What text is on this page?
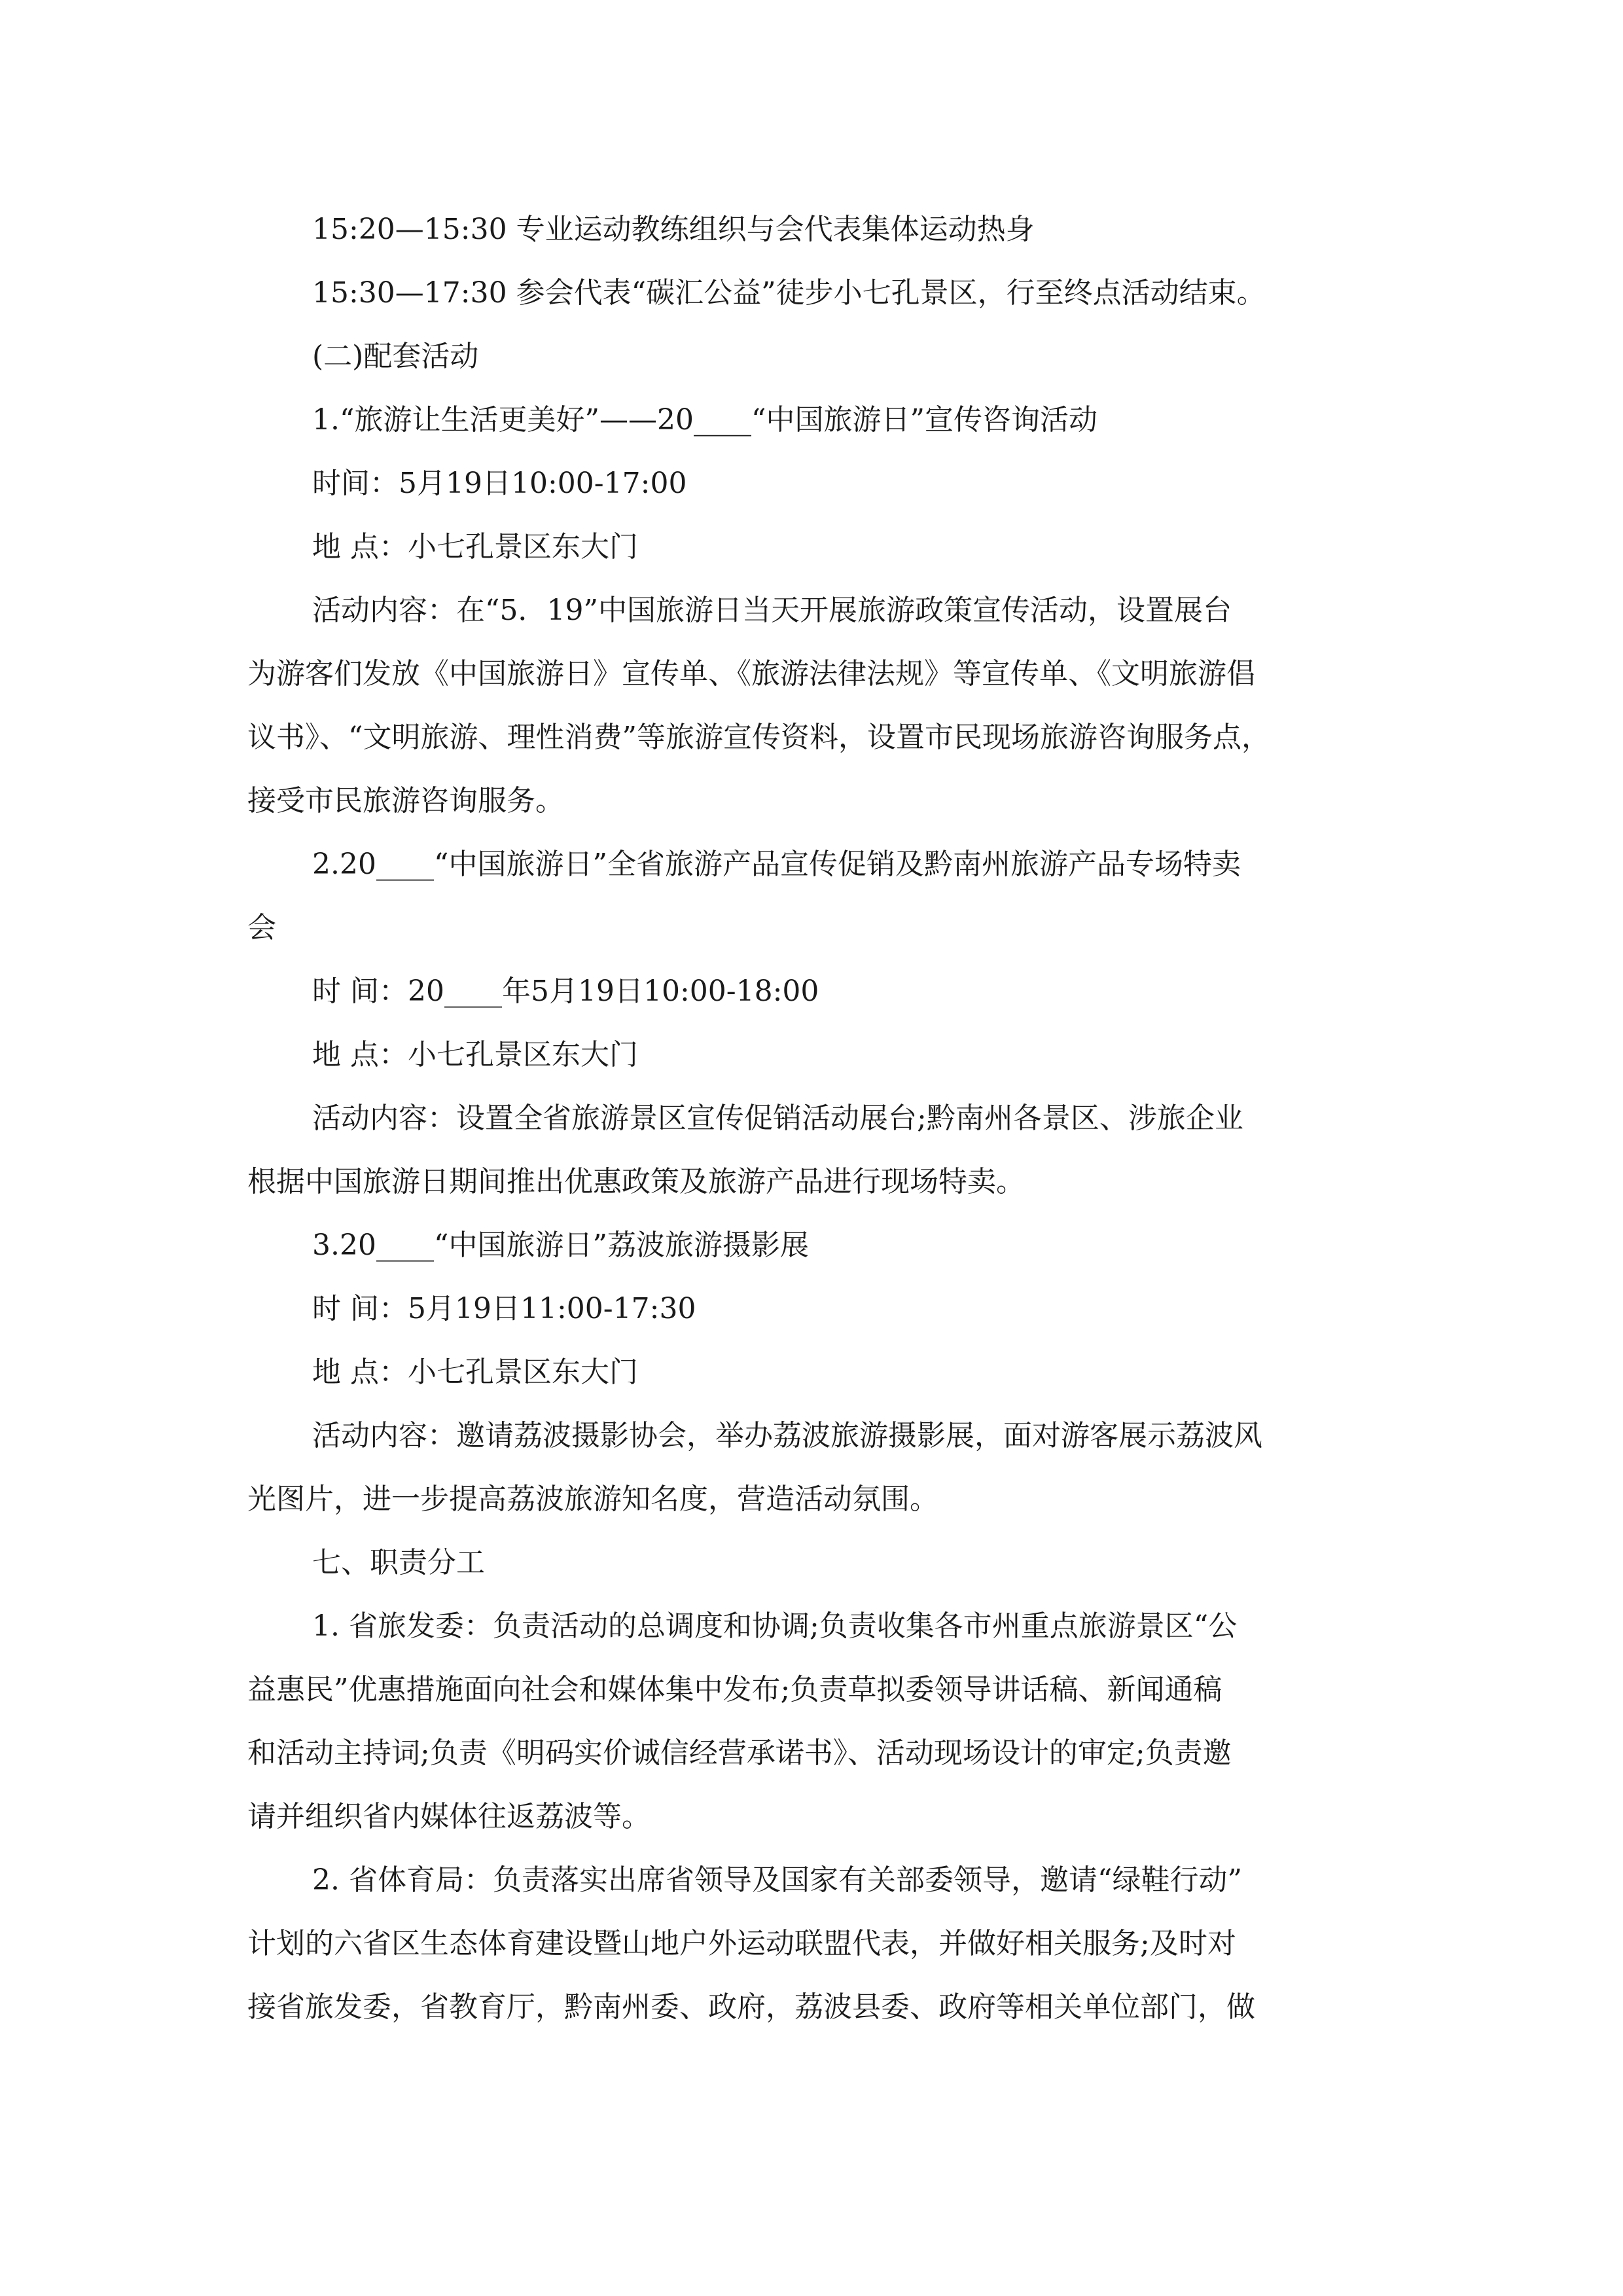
15:20—15:30 专业运动教练组织与会代表集体运动热身

15:30—17:30 参会代表“碳汇公益”徒步小七孔景区，行至终点活动结束。

(二)配套活动

1.“旅游让生活更美好”——20____“中国旅游日”宣传咨询活动

时间：5月19日10:00-17:00

地 点：小七孔景区东大门

活动内容：在“5．19”中国旅游日当天开展旅游政策宣传活动，设置展台

为游客们发放《中国旅游日》宣传单、《旅游法律法规》等宣传单、《文明旅游倡

议书》、“文明旅游、理性消费”等旅游宣传资料，设置市民现场旅游咨询服务点，

接受市民旅游咨询服务。

2.20____“中国旅游日”全省旅游产品宣传促销及黔南州旅游产品专场特卖

会

时 间：20____年5月19日10:00-18:00

地 点：小七孔景区东大门

活动内容：设置全省旅游景区宣传促销活动展台;黔南州各景区、涉旅企业

根据中国旅游日期间推出优惠政策及旅游产品进行现场特卖。

3.20____“中国旅游日”荔波旅游摄影展

时 间：5月19日11:00-17:30

地 点：小七孔景区东大门

活动内容：邀请荔波摄影协会，举办荔波旅游摄影展，面对游客展示荔波风

光图片，进一步提高荔波旅游知名度，营造活动氛围。

七、职责分工

1. 省旅发委：负责活动的总调度和协调;负责收集各市州重点旅游景区“公

益惠民”优惠措施面向社会和媒体集中发布;负责草拟委领导讲话稿、新闻通稿

和活动主持词;负责《明码实价诚信经营承诺书》、活动现场设计的审定;负责邀

请并组织省内媒体往返荔波等。

2. 省体育局：负责落实出席省领导及国家有关部委领导，邀请“绿鞋行动”

计划的六省区生态体育建设暨山地户外运动联盟代表，并做好相关服务;及时对

接省旅发委，省教育厅，黔南州委、政府，荔波县委、政府等相关单位部门，做
